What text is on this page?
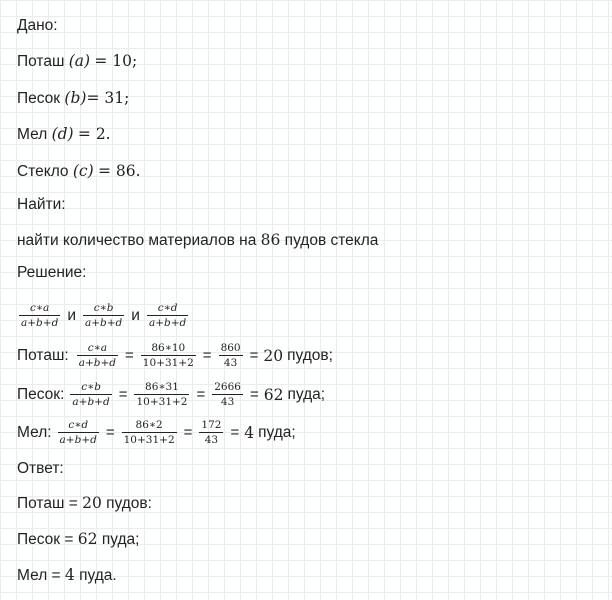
Дано:
Поташ (a) = 10;
Песок (b)= 31;
Мел (d) = 2.
Стекло (c) = 86.
Найти:
найти количество материалов на 86 пудов стекла
Решение:
$\frac{c∗a}{a+b+d}$ и $\frac{c∗b}{a+b+d}$ и $\frac{c∗d}{a+b+d}$
Поташ: $\frac{c∗a}{a+b+d} = \frac{86∗10}{10+31+2} = \frac{860}{43} = 20$ пудов;
Песок: $\frac{c∗b}{a+b+d} = \frac{86∗31}{10+31+2} = \frac{2666}{43} = 62$ пуда;
Мел: $\frac{c∗d}{a+b+d} = \frac{86∗2}{10+31+2} = \frac{172}{43} = 4$ пуда;
Ответ:
Поташ = 20 пудов:
Песок = 62 пуда;
Мел = 4 пуда.
